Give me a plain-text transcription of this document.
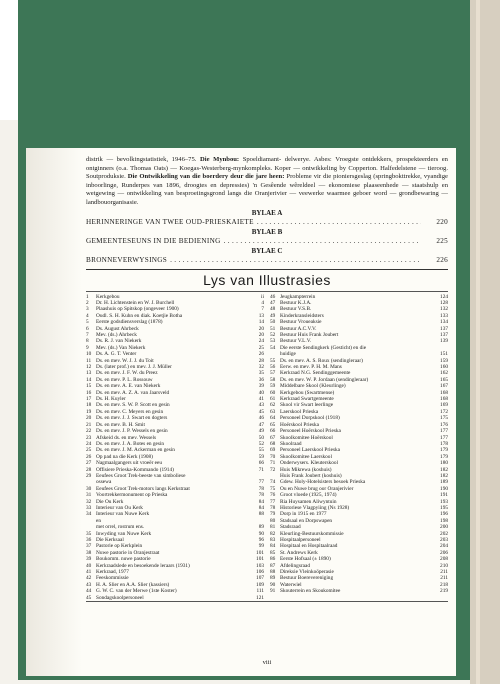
distrik — bevolkingstatistiek, 1946–75. Die Mynbou: Spoeldiamant- delwerye. Asbes: Vroegste ontdekkers, prospekteerders en ontginners (o.a. Thomas Oats) — Koegas-Westerberg-mynkompleks. Koper — ontwikkeling by Copperton. Halfedelstene — tieroog. Soutproduksie. Die Ontwikkeling van die boerdery deur die jare heen: Probleme vir die pioniersgeslag (springbokttrekke, vyandige inboorlinge, Runderpes van 1896, droogtes en depressies) 'n Gesêende wêreldeel — ekonomiese plaaseenhede — staatshulp en wetgewing — ontwikkeling van besproeiingsgrond langs die Oranjerivier — veewerke waarmee geboer word — grondbewaring — landbouorganisasie.
BYLAE A
HERINNERINGE VAN TWEE OUD-PRIESKAIETE . . .	220
BYLAE B
GEMEENTESEUNS IN DIE BEDIENING . . .	225
BYLAE C
BRONNEVERWYSINGS . . .	226
Lys van Illustrasies
1	Kerkgebou	ii
2	Dr. H. Lichtenstein en W. J. Burchell	4
3	Plaashuis op Spitskop (ongeveer 1900)	7
4	Oudl. S. H. Kuhn en diak. Koetjie Botha	13
5	Eerste godsdiensverslag (1878)	14
6	Ds. August Ahrbeck	20
7	Mev. (ds.) Ahrbeck	20
8	Ds. R. J. van Niekerk	24
9	Mev. (ds.) Van Niekerk	25
10 Ds. A. G. T. Venter	26
11 Ds. en mev. W. J. J. du Toit	28
12 Ds. (later prof.) en mev. J. J. Müller	32
13 Ds. en mev. J. F. W. du Preez	35
14 Ds. en mev. P. L. Rossouw	36
15 Ds. en mev. A. E. van Niekerk	39
16 Ds. en mev. A. Z. A. van Jaarsveld	40
17 Ds. H. Kuyler	41
18 Ds. en mev. S. W. P. Scott en gesin	43
19 Ds. en mev. C. Meyers en gesin	45
20 Ds. en mev. J. J. Swart en dogters	46
21 Ds. en mev. B. H. Smit	47
22 Ds. en mev. J. P. Wessels en gesin	49
23 Afskeid ds. en mev. Wessels	50
24 Ds. en mev. J. A. Botes en gesin	52
25 Ds. en mev. J. M. Ackerman en gesin	55
26 Op pad na die Kerk (1908)	59
27 Nagmaalgangers uit vroeër eeu	66
28 Offisiere Prieska-Kommando (1914)	71
29 Eeufees Groot Trek-beeste van simboliese
ossewa	77
30 Eeufees Groot Trek-motors langs Kerkstraat	78
31 Voortrekkermonument op Prieska	78
32 Die Ou Kerk	84
33 Interieur van Ou Kerk	84
34 Interieur van Nuwe Kerk	88
en
met orrel, rostrum ens.	89
35 Inwyding van Nuwe Kerk	90
36 Die Kerksaal	96
37 Pastorie op Kerkplein	99
38 Nuwe pastorie in Oranjestraat	101
39 Boukomm. nuwe pastorie	101
40 Kerkraadslede en besoekende leraars (1931)	103
41 Kerkraad, 1977	106
42 Feeskommissie	107
43 H. A. Slier en A.A. Slier (kassiers)	109
44 G. W. C. van der Merwe (1ste Koster)	111
45 Sondagskoolpersoneel	121
46 Jeugkampterrein	124
47 Bestuur K.J.A.	128
48 Bestuur V.S.B.	132
49 Kinderkransleidsters	133
50 Bestuur Vroueaksie	134
51 Bestuur A.C.V.V.	137
52 Bestuur Huis Frank Joubert	137
53 Bestuur V.L.V.	139
54 Die eerste Sendingkerk (Gesticht) en die
huidige	151
55 Ds. en mev. A. S. Roux (sendingleraar)	159
56 Eerw. en mev. P. H. M. Mans	160
57 Kerkraad N.G. Sendinggemeente	162
58 Ds. en mev. W. P. Jordaan (sendingleraar)	165
59 Middelbare Skool (Kleurlinge)	167
60 Kerkgebou (Swartmense)	168
61 Kerkraad Swartgemeente	168
62 Skool vir Swart leerlinge	169
63 Laerskool Prieska	172
64 Personeel Dorpskool (1918)	175
65 Hoërskool Prieska	176
66 Personeel Hoërskool Prieska	177
67 Skoolkomitee Hoërskool	177
68 Skoolraad	178
69 Personeel Laerskool Prieska	179
70 Skoolkomitee Laerskool	179
71 Onderwysers. Kleuterskool	180
72 Huis Mikrewa (koshuis)	182
Huis Frank Joubert (koshuis)	182
74 Gdew. Holy-Hotelsisters besoek Prieska	189
75 Ou en Nuwe brug oor Oranjerivier	190
76 Groot vloede (1925, 1974)	191
77 Ria Huysamen Aliwyntuin	193
78 Historiese Vlagpyiing (Ns 1928)	195
79 Dorp in 1915 en 1977	196
80 Stadsaal en Dorpswapen	198
81 Stadsraad	200
82 Kleurling-Bestuurskommissie	202
83 Hospitaalpersoneel	203
84 Hospitaal en Hospitaalraad	204
85 St. Andrews Kerk	206
86 Eerste Hofsaal (± 1890)	208
87 Afdelingsraad	210
88 Direksie Vleinkoöperasie	211
89 Bestuur Boerevereniging	211
90 Waterwiel	218
91 Skouterrein en Skoukomitee	219
viii
